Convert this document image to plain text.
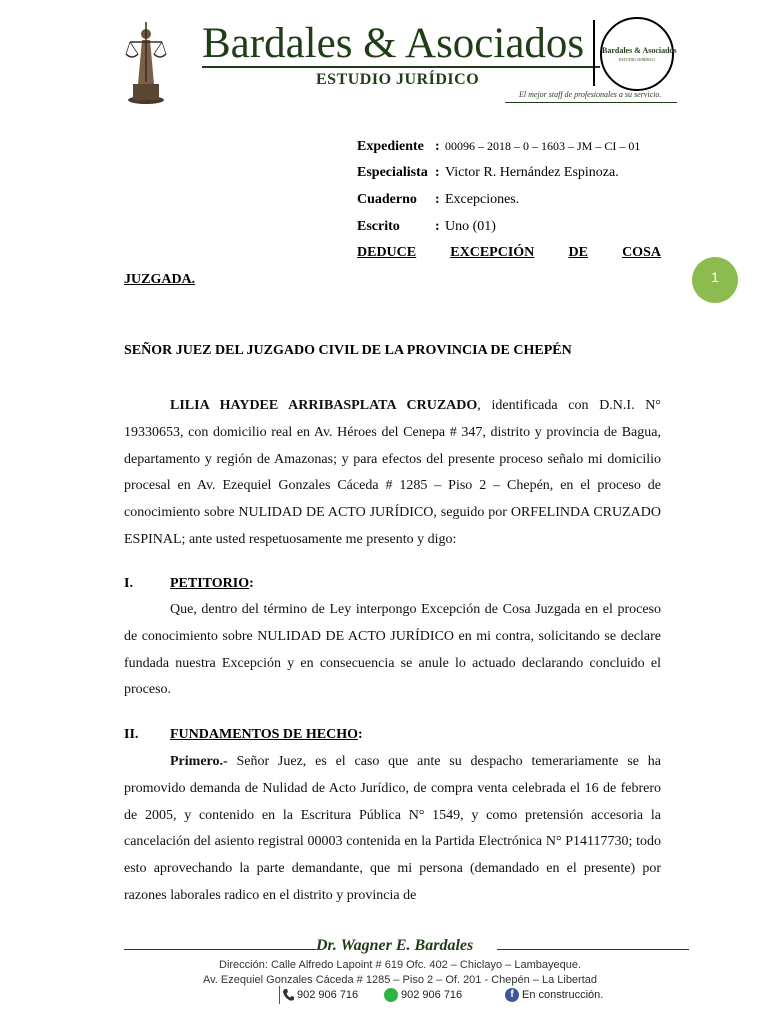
Bardales & Asociados
ESTUDIO JURÍDICO
Bardales & Asociados
ESTUDIO JURÍDICO
El mejor staff de profesionales a su servicio.
Expediente : 00096 – 2018 – 0 – 1603 – JM – CI – 01
Especialista : Victor R. Hernández Espinoza.
Cuaderno : Excepciones.
Escrito	: Uno (01)
DEDUCE EXCEPCIÓN DE COSA
JUZGADA.	1
SEÑOR JUEZ DEL JUZGADO CIVIL DE LA PROVINCIA DE CHEPÉN

LILIA HAYDEE ARRIBASPLATA CRUZADO, identificada con D.N.I. N° 19330653, con domicilio real en Av. Héroes del Cenepa # 347, distrito y provincia de Bagua, departamento y región de Amazonas; y para efectos del presente proceso señalo mi domicilio procesal en Av. Ezequiel Gonzales Cáceda # 1285 – Piso 2 – Chepén, en el proceso de conocimiento sobre NULIDAD DE ACTO JURÍDICO, seguido por ORFELINDA CRUZADO ESPINAL; ante usted respetuosamente me presento y digo:

I.	PETITORIO:

Que, dentro del término de Ley interpongo Excepción de Cosa Juzgada en el proceso de conocimiento sobre NULIDAD DE ACTO JURÍDICO en mi contra, solicitando se declare fundada nuestra Excepción y en consecuencia se anule lo actuado declarando concluido el proceso.

II. FUNDAMENTOS DE HECHO:

Primero.- Señor Juez, es el caso que ante su despacho temerariamente se ha promovido demanda de Nulidad de Acto Jurídico, de compra venta celebrada el 16 de febrero de 2005, y contenido en la Escritura Pública N° 1549, y como pretensión accesoria la cancelación del asiento registral 00003 contenida en la Partida Electrónica N° P14117730; todo esto aprovechando la parte demandante, que mi persona (demandado en el presente) por razones laborales radico en el distrito y provincia de

Dr. Wagner E. Bardales
Dirección: Calle Alfredo Lapoint # 619 Ofc. 402 – Chiclayo – Lambayeque.
Av. Ezequiel Gonzales Cáceda # 1285 – Piso 2 – Of. 201 - Chepén – La Libertad
902 906 716	902 906 716	f En construcción.
